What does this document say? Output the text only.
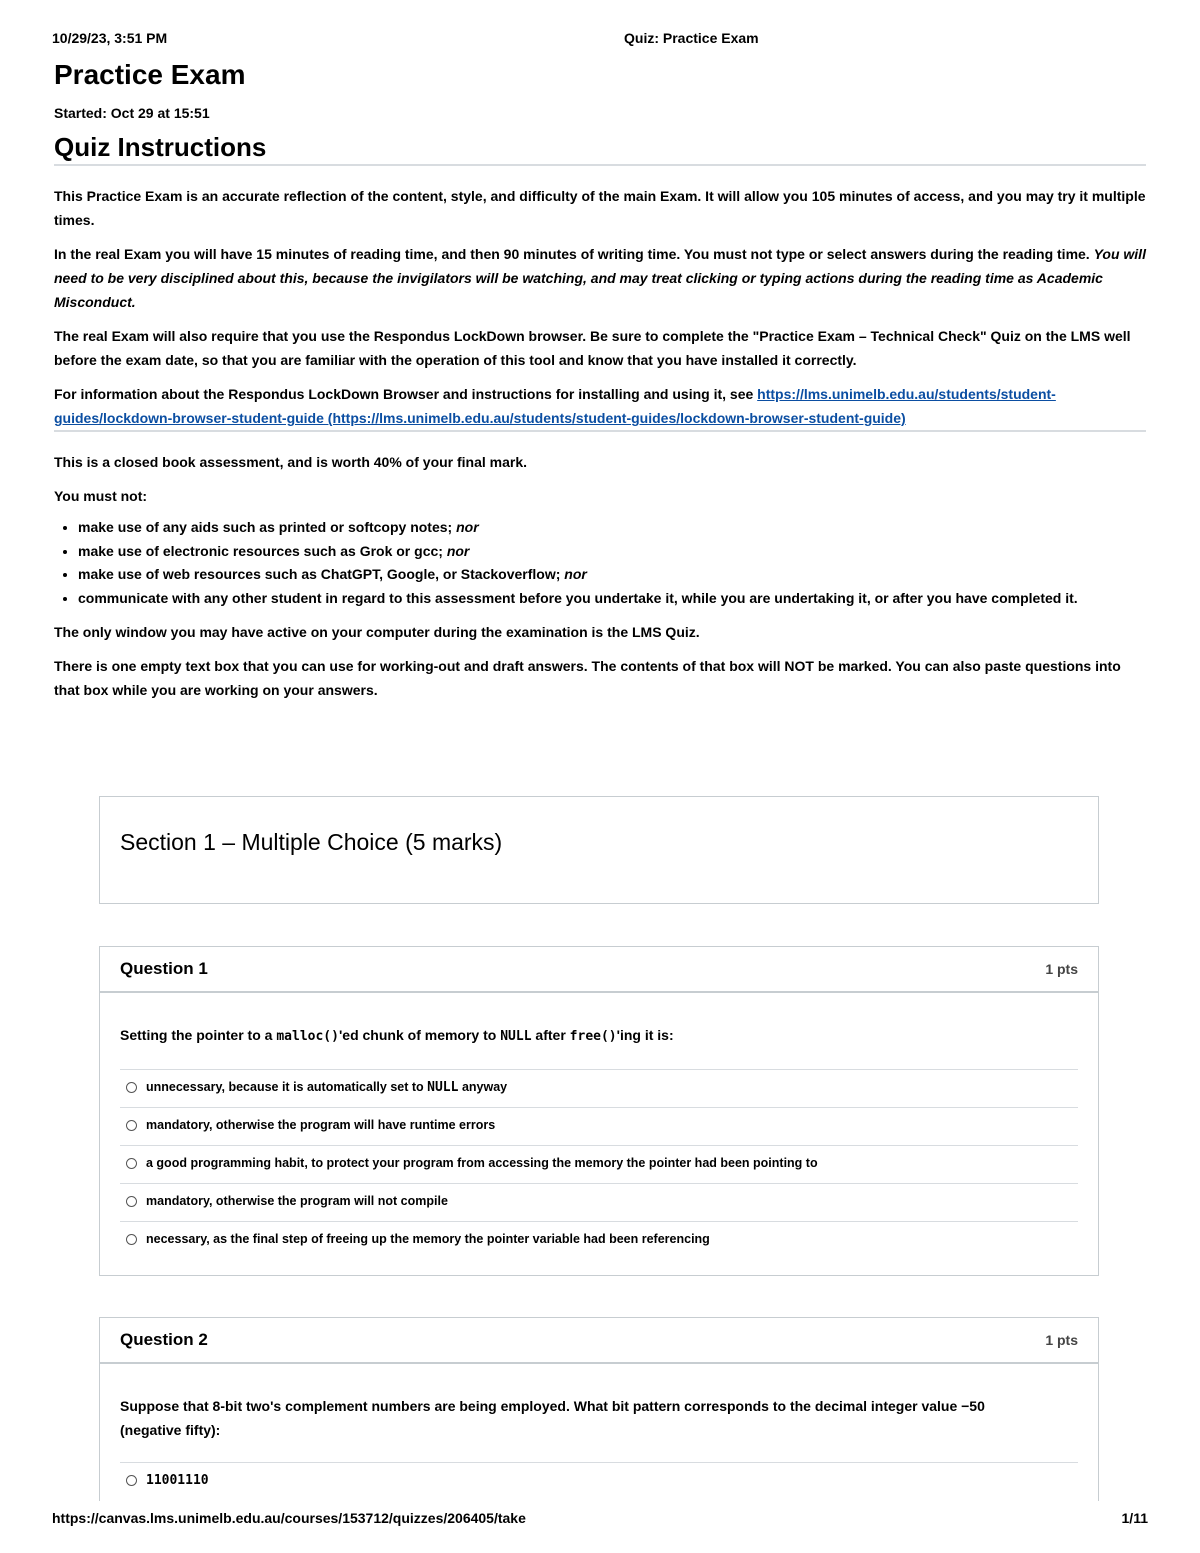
10/29/23, 3:51 PM	Quiz: Practice Exam
Practice Exam
Started: Oct 29 at 15:51
Quiz Instructions

This Practice Exam is an accurate reflection of the content, style, and difficulty of the main Exam. It will allow you 105 minutes of access, and you may try it multiple times.

In the real Exam you will have 15 minutes of reading time, and then 90 minutes of writing time. You must not type or select answers during the reading time. You will need to be very disciplined about this, because the invigilators will be watching, and may treat clicking or typing actions during the reading time as Academic Misconduct.

The real Exam will also require that you use the Respondus LockDown browser. Be sure to complete the "Practice Exam – Technical Check" Quiz on the LMS well before the exam date, so that you are familiar with the operation of this tool and know that you have installed it correctly.

For information about the Respondus LockDown Browser and instructions for installing and using it, see https://lms.unimelb.edu.au/students/student-guides/lockdown-browser-student-guide (https://lms.unimelb.edu.au/students/student-guides/lockdown-browser-student-guide)

This is a closed book assessment, and is worth 40% of your final mark.

You must not:

• make use of any aids such as printed or softcopy notes; nor
• make use of electronic resources such as Grok or gcc; nor
• make use of web resources such as ChatGPT, Google, or Stackoverflow; nor
• communicate with any other student in regard to this assessment before you undertake it, while you are undertaking it, or after you have completed it.

The only window you may have active on your computer during the examination is the LMS Quiz.

There is one empty text box that you can use for working-out and draft answers. The contents of that box will NOT be marked. You can also paste questions into that box while you are working on your answers.

Section 1 – Multiple Choice (5 marks)
Question 1	1 pts
Setting the pointer to a malloc()'ed chunk of memory to NULL after free()'ing it is:
unnecessary, because it is automatically set to NULL anyway
mandatory, otherwise the program will have runtime errors
a good programming habit, to protect your program from accessing the memory the pointer had been pointing to
mandatory, otherwise the program will not compile
necessary, as the final step of freeing up the memory the pointer variable had been referencing
Question 2	1 pts
Suppose that 8-bit two's complement numbers are being employed. What bit pattern corresponds to the decimal integer value −50 (negative fifty):
11001110
https://canvas.lms.unimelb.edu.au/courses/153712/quizzes/206405/take	1/11
